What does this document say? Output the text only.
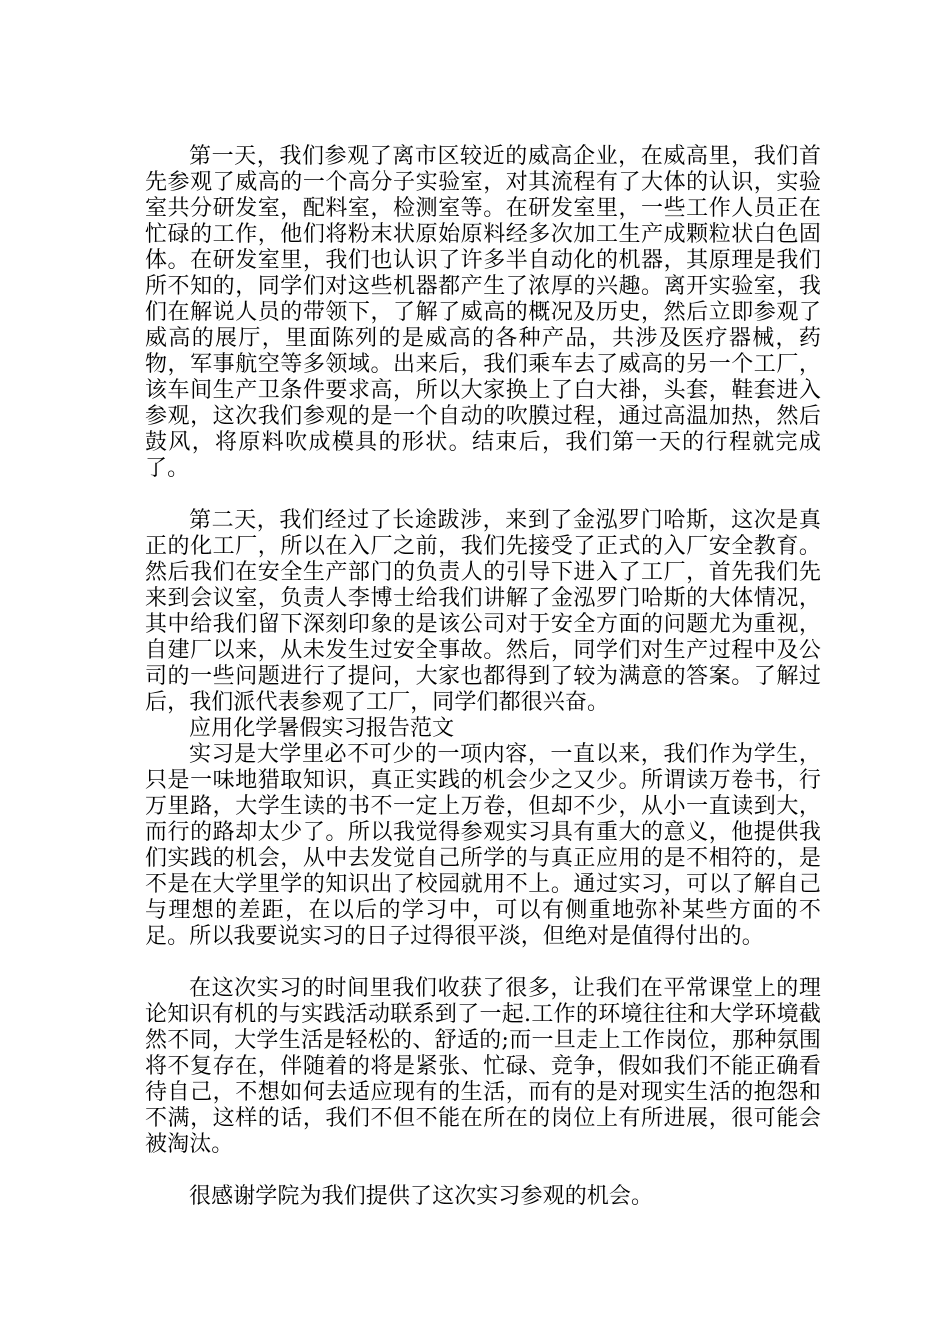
第一天，我们参观了离市区较近的威高企业，在威高里，我们首先参观了威高的一个高分子实验室，对其流程有了大体的认识，实验室共分研发室，配料室，检测室等。在研发室里，一些工作人员正在忙碌的工作，他们将粉末状原始原料经多次加工生产成颗粒状白色固体。在研发室里，我们也认识了许多半自动化的机器，其原理是我们所不知的，同学们对这些机器都产生了浓厚的兴趣。离开实验室，我们在解说人员的带领下，了解了威高的概况及历史，然后立即参观了威高的展厅，里面陈列的是威高的各种产品，共涉及医疗器械，药物，军事航空等多领域。出来后，我们乘车去了威高的另一个工厂，该车间生产卫条件要求高，所以大家换上了白大褂，头套，鞋套进入参观，这次我们参观的是一个自动的吹膜过程，通过高温加热，然后鼓风，将原料吹成模具的形状。结束后，我们第一天的行程就完成了。

第二天，我们经过了长途跋涉，来到了金泓罗门哈斯，这次是真正的化工厂，所以在入厂之前，我们先接受了正式的入厂安全教育。然后我们在安全生产部门的负责人的引导下进入了工厂，首先我们先来到会议室，负责人李博士给我们讲解了金泓罗门哈斯的大体情况，其中给我们留下深刻印象的是该公司对于安全方面的问题尤为重视，自建厂以来，从未发生过安全事故。然后，同学们对生产过程中及公司的一些问题进行了提问，大家也都得到了较为满意的答案。了解过后，我们派代表参观了工厂，同学们都很兴奋。

应用化学暑假实习报告范文

实习是大学里必不可少的一项内容，一直以来，我们作为学生，只是一味地猎取知识，真正实践的机会少之又少。所谓读万卷书，行万里路，大学生读的书不一定上万卷，但却不少，从小一直读到大，而行的路却太少了。所以我觉得参观实习具有重大的意义，他提供我们实践的机会，从中去发觉自己所学的与真正应用的是不相符的，是不是在大学里学的知识出了校园就用不上。通过实习，可以了解自己与理想的差距，在以后的学习中，可以有侧重地弥补某些方面的不足。所以我要说实习的日子过得很平淡，但绝对是值得付出的。

在这次实习的时间里我们收获了很多，让我们在平常课堂上的理论知识有机的与实践活动联系到了一起.工作的环境往往和大学环境截然不同，大学生活是轻松的、舒适的;而一旦走上工作岗位，那种氛围将不复存在，伴随着的将是紧张、忙碌、竞争，假如我们不能正确看待自己，不想如何去适应现有的生活，而有的是对现实生活的抱怨和不满，这样的话，我们不但不能在所在的岗位上有所进展，很可能会被淘汰。

很感谢学院为我们提供了这次实习参观的机会。
